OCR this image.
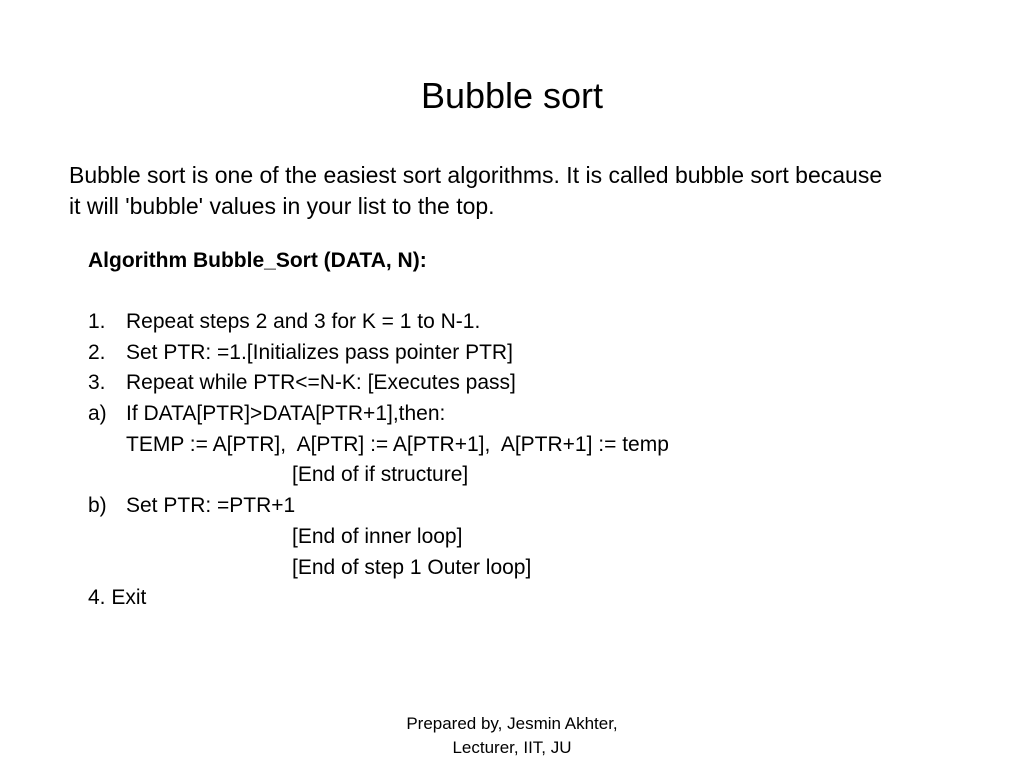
Bubble sort
Bubble sort is one of the easiest sort algorithms. It is called bubble sort because
it will 'bubble' values in your list to the top.
Algorithm Bubble_Sort (DATA, N):
1. Repeat steps 2 and 3 for K = 1 to N-1.
2. Set PTR: =1.[Initializes pass pointer PTR]
3. Repeat while PTR<=N-K: [Executes pass]
a) If DATA[PTR]>DATA[PTR+1],then:
TEMP := A[PTR],  A[PTR] := A[PTR+1],  A[PTR+1] := temp
[End of if structure]
b) Set PTR: =PTR+1
[End of inner loop]
[End of step 1 Outer loop]
4. Exit
Prepared by, Jesmin Akhter,
Lecturer, IIT, JU
